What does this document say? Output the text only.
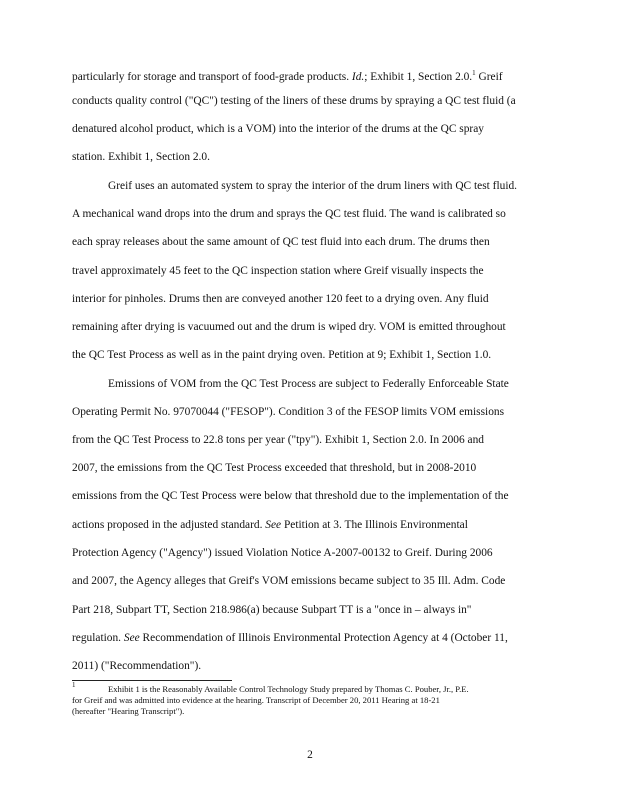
particularly for storage and transport of food-grade products. Id.; Exhibit 1, Section 2.0.$^1$ Greif
conducts quality control ("QC") testing of the liners of these drums by spraying a QC test fluid (a
denatured alcohol product, which is a VOM) into the interior of the drums at the QC spray
station. Exhibit 1, Section 2.0.
Greif uses an automated system to spray the interior of the drum liners with QC test fluid.
A mechanical wand drops into the drum and sprays the QC test fluid. The wand is calibrated so
each spray releases about the same amount of QC test fluid into each drum. The drums then
travel approximately 45 feet to the QC inspection station where Greif visually inspects the
interior for pinholes. Drums then are conveyed another 120 feet to a drying oven. Any fluid
remaining after drying is vacuumed out and the drum is wiped dry. VOM is emitted throughout
the QC Test Process as well as in the paint drying oven. Petition at 9; Exhibit 1, Section 1.0.
Emissions of VOM from the QC Test Process are subject to Federally Enforceable State
Operating Permit No. 97070044 ("FESOP"). Condition 3 of the FESOP limits VOM emissions
from the QC Test Process to 22.8 tons per year ("tpy"). Exhibit 1, Section 2.0. In 2006 and
2007, the emissions from the QC Test Process exceeded that threshold, but in 2008-2010
emissions from the QC Test Process were below that threshold due to the implementation of the
actions proposed in the adjusted standard. See Petition at 3. The Illinois Environmental
Protection Agency ("Agency") issued Violation Notice A-2007-00132 to Greif. During 2006
and 2007, the Agency alleges that Greif's VOM emissions became subject to 35 Ill. Adm. Code
Part 218, Subpart TT, Section 218.986(a) because Subpart TT is a "once in – always in"
regulation. See Recommendation of Illinois Environmental Protection Agency at 4 (October 11,
2011) ("Recommendation").
1	Exhibit 1 is the Reasonably Available Control Technology Study prepared by Thomas C. Pouber, Jr., P.E.
for Greif and was admitted into evidence at the hearing. Transcript of December 20, 2011 Hearing at 18-21
(hereafter "Hearing Transcript").
2
